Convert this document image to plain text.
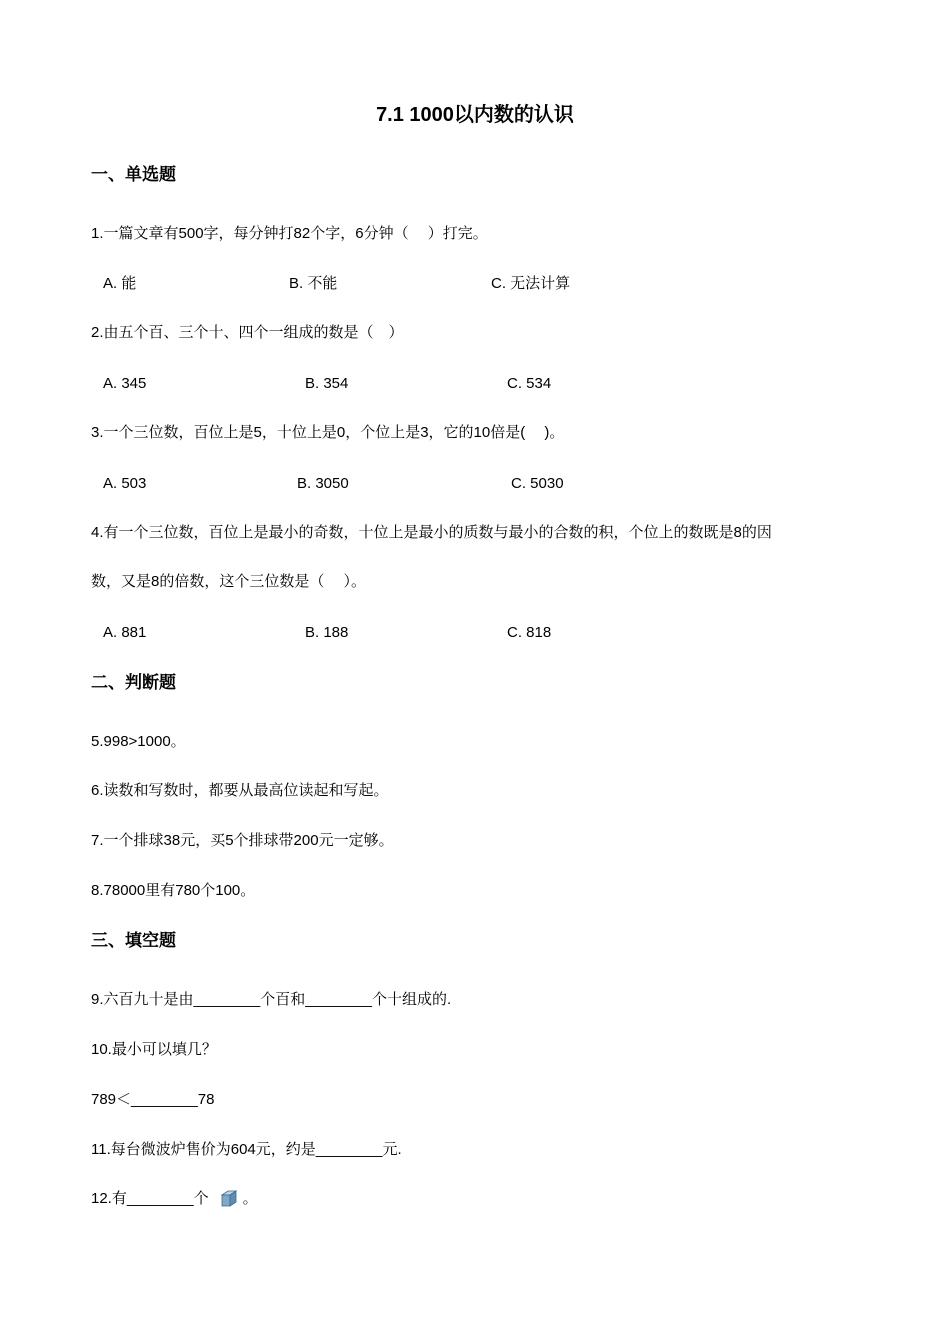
7.1 1000以内数的认识
一、单选题
1.一篇文章有500字，每分钟打82个字，6分钟（　 ）打完。
A. 能	B. 不能	C. 无法计算
2.由五个百、三个十、四个一组成的数是（　）
A. 345	B. 354	C. 534
3.一个三位数，百位上是5，十位上是0，个位上是3，它的10倍是(　 )。
A. 503	B. 3050	C. 5030
4.有一个三位数，百位上是最小的奇数，十位上是最小的质数与最小的合数的积，个位上的数既是8的因
数，又是8的倍数，这个三位数是（　 ）。
A. 881	B. 188	C. 818
二、判断题
5.998>1000。
6.读数和写数时，都要从最高位读起和写起。
7.一个排球38元，买5个排球带200元一定够。
8.78000里有780个100。
三、填空题
9.六百九十是由________个百和________个十组成的.
10.最小可以填几？
789＜________78
11.每台微波炉售价为604元，约是________元.
12.有________个 。
